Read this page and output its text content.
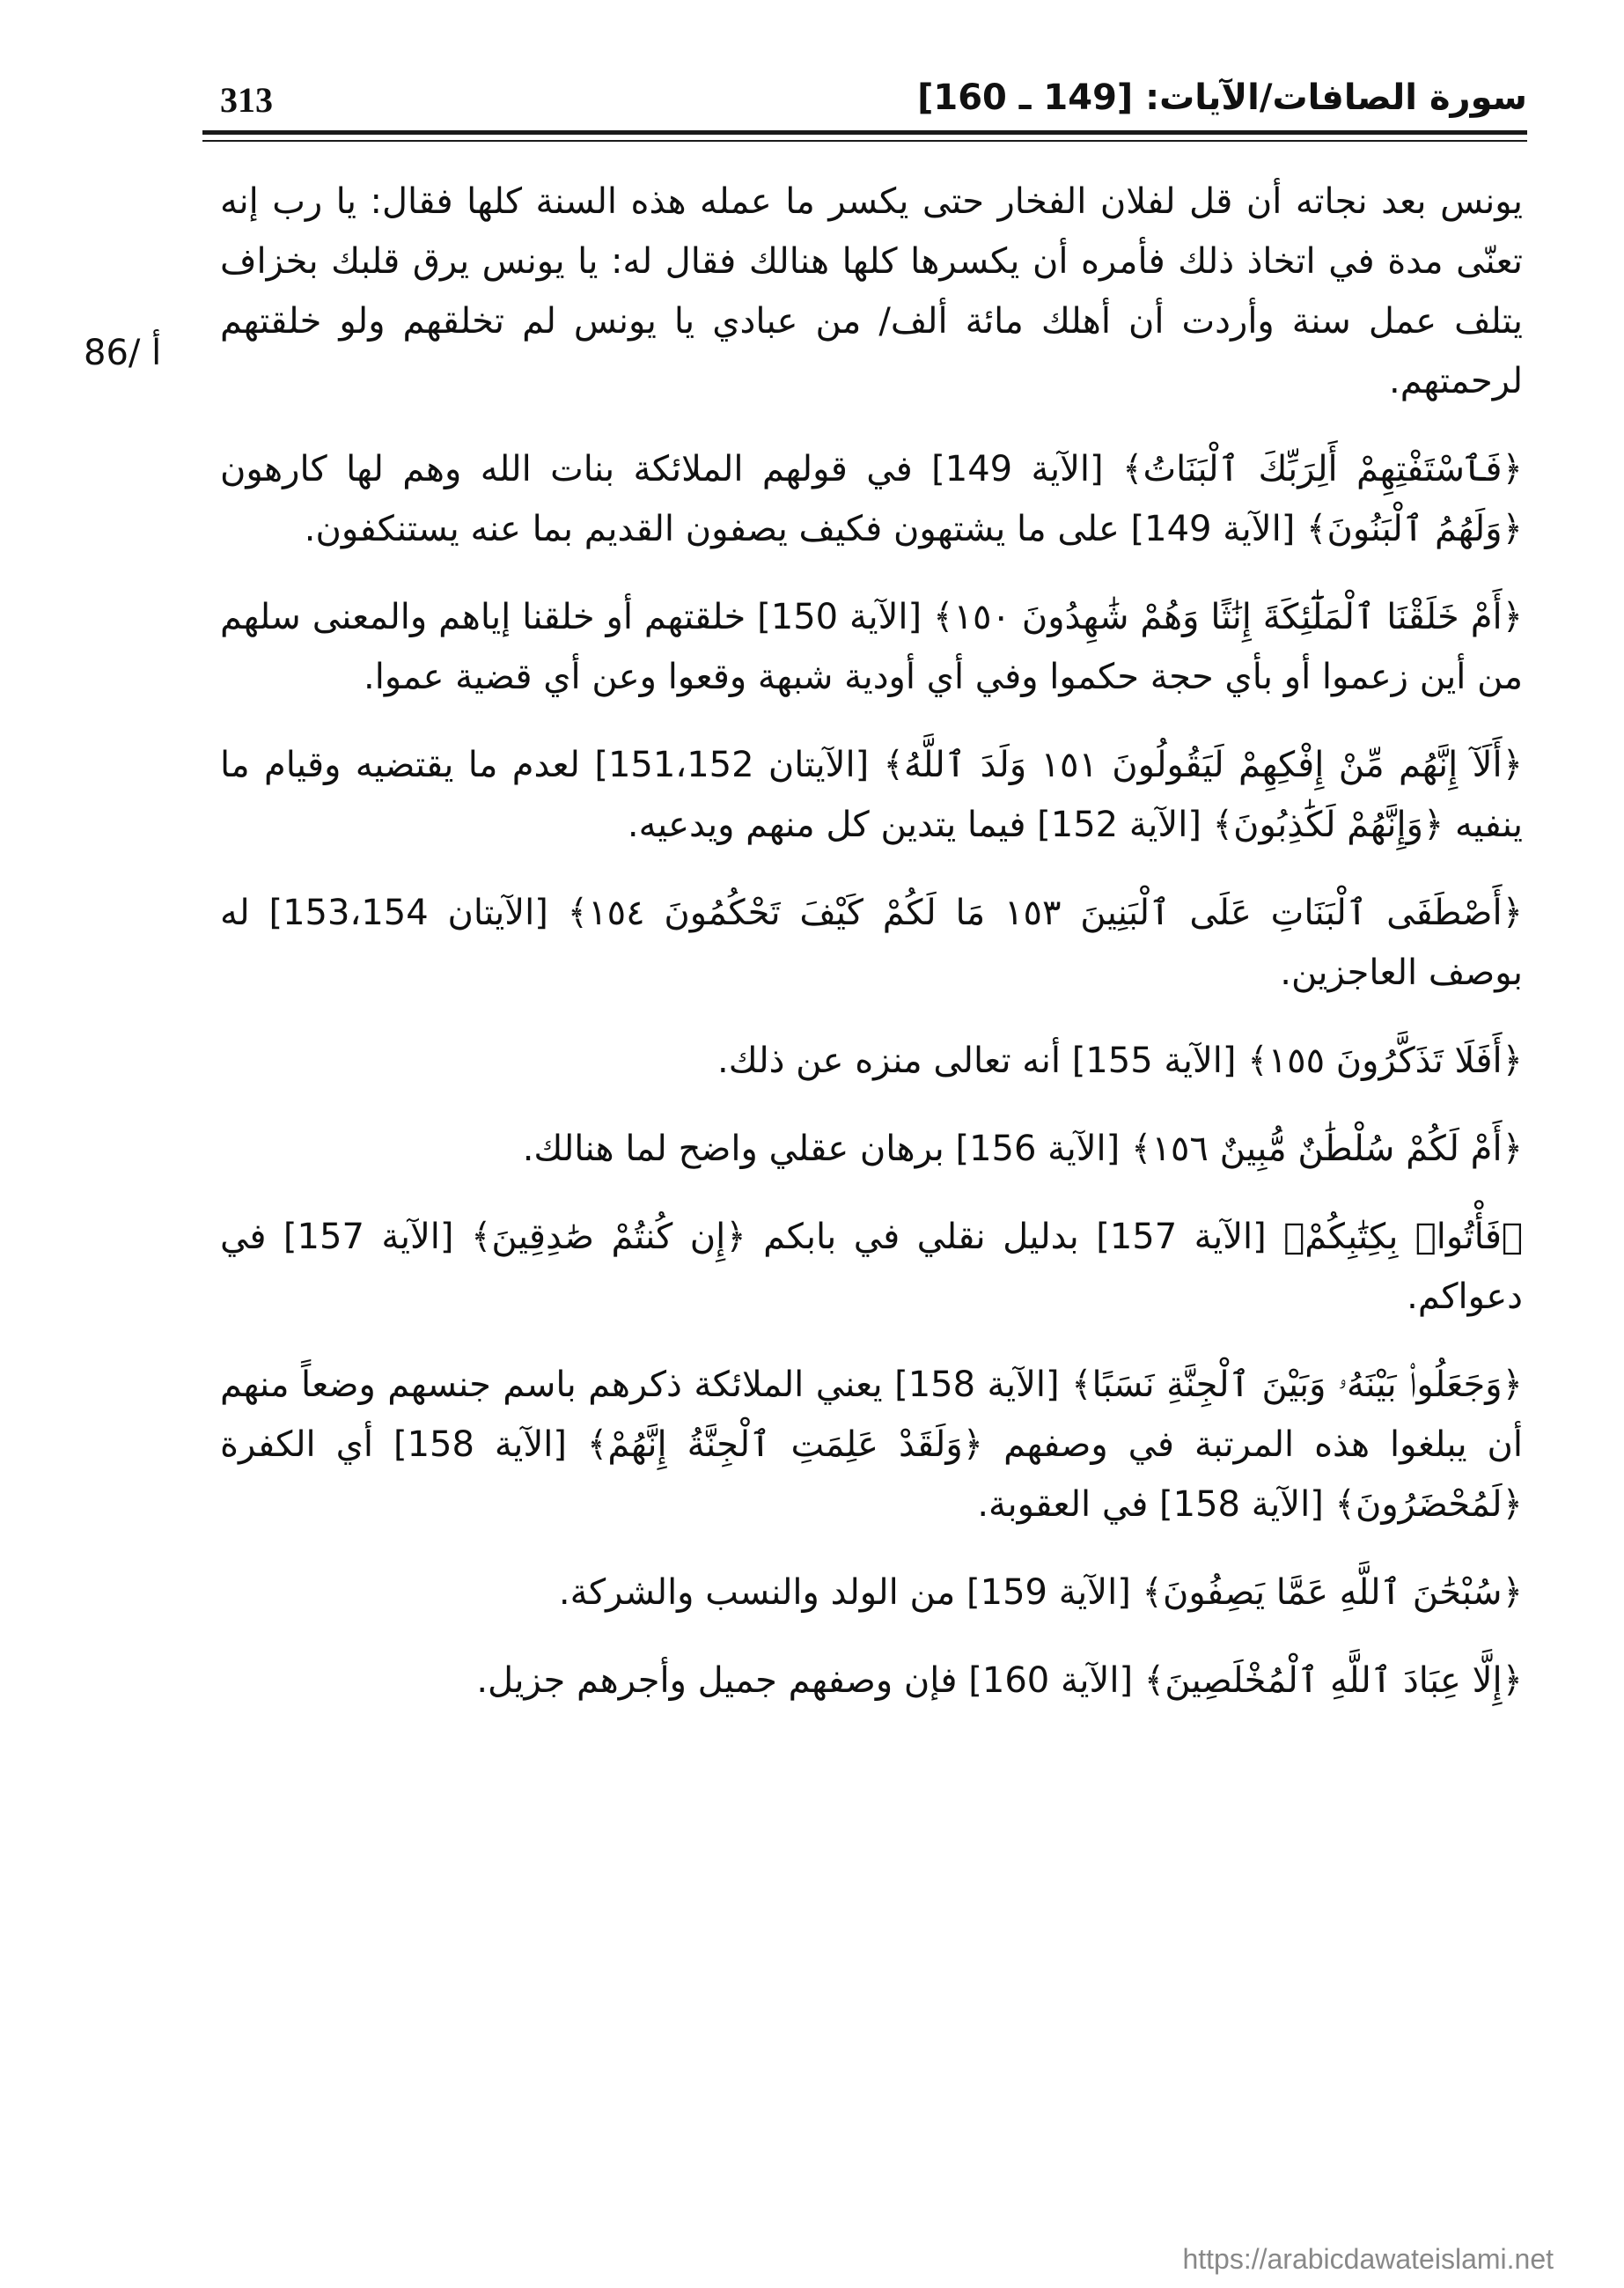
سورة الصافات/الآيات: [149 ـ 160]
313
86/ أ

يونس بعد نجاته أن قل لفلان الفخار حتى يكسر ما عمله هذه السنة كلها فقال: يا رب إنه تعنّى مدة في اتخاذ ذلك فأمره أن يكسرها كلها هنالك فقال له: يا يونس يرق قلبك بخزاف يتلف عمل سنة وأردت أن أهلك مائة ألف/ من عبادي يا يونس لم تخلقهم ولو خلقتهم لرحمتهم.

﴿فَٱسْتَفْتِهِمْ أَلِرَبِّكَ ٱلْبَنَاتُ﴾ [الآية 149] في قولهم الملائكة بنات الله وهم لها كارهون ﴿وَلَهُمُ ٱلْبَنُونَ﴾ [الآية 149] على ما يشتهون فكيف يصفون القديم بما عنه يستنكفون.

﴿أَمْ خَلَقْنَا ٱلْمَلَٰٓئِكَةَ إِنَٰثًا وَهُمْ شَٰهِدُونَ ١٥٠﴾ [الآية 150] خلقتهم أو خلقنا إياهم والمعنى سلهم من أين زعموا أو بأي حجة حكموا وفي أي أودية شبهة وقعوا وعن أي قضية عموا.

﴿أَلَآ إِنَّهُم مِّنْ إِفْكِهِمْ لَيَقُولُونَ ١٥١ وَلَدَ ٱللَّهُ﴾ [الآيتان 151،152] لعدم ما يقتضيه وقيام ما ينفيه ﴿وَإِنَّهُمْ لَكَٰذِبُونَ﴾ [الآية 152] فيما يتدين كل منهم ويدعيه.

﴿أَصْطَفَى ٱلْبَنَاتِ عَلَى ٱلْبَنِينَ ١٥٣ مَا لَكُمْ كَيْفَ تَحْكُمُونَ ١٥٤﴾ [الآيتان 153،154] له بوصف العاجزين.

﴿أَفَلَا تَذَكَّرُونَ ١٥٥﴾ [الآية 155] أنه تعالى منزه عن ذلك.

﴿أَمْ لَكُمْ سُلْطَٰنٌ مُّبِينٌ ١٥٦﴾ [الآية 156] برهان عقلي واضح لما هنالك.

﴿فَأْتُوا۟ بِكِتَٰبِكُمْ﴾ [الآية 157] بدليل نقلي في بابكم ﴿إِن كُنتُمْ صَٰدِقِينَ﴾ [الآية 157] في دعواكم.

﴿وَجَعَلُوا۟ بَيْنَهُۥ وَبَيْنَ ٱلْجِنَّةِ نَسَبًا﴾ [الآية 158] يعني الملائكة ذكرهم باسم جنسهم وضعاً منهم أن يبلغوا هذه المرتبة في وصفهم ﴿وَلَقَدْ عَلِمَتِ ٱلْجِنَّةُ إِنَّهُمْ﴾ [الآية 158] أي الكفرة ﴿لَمُحْضَرُونَ﴾ [الآية 158] في العقوبة.

﴿سُبْحَٰنَ ٱللَّهِ عَمَّا يَصِفُونَ﴾ [الآية 159] من الولد والنسب والشركة.

﴿إِلَّا عِبَادَ ٱللَّهِ ٱلْمُخْلَصِينَ﴾ [الآية 160] فإن وصفهم جميل وأجرهم جزيل.

https://arabicdawateislami.net
